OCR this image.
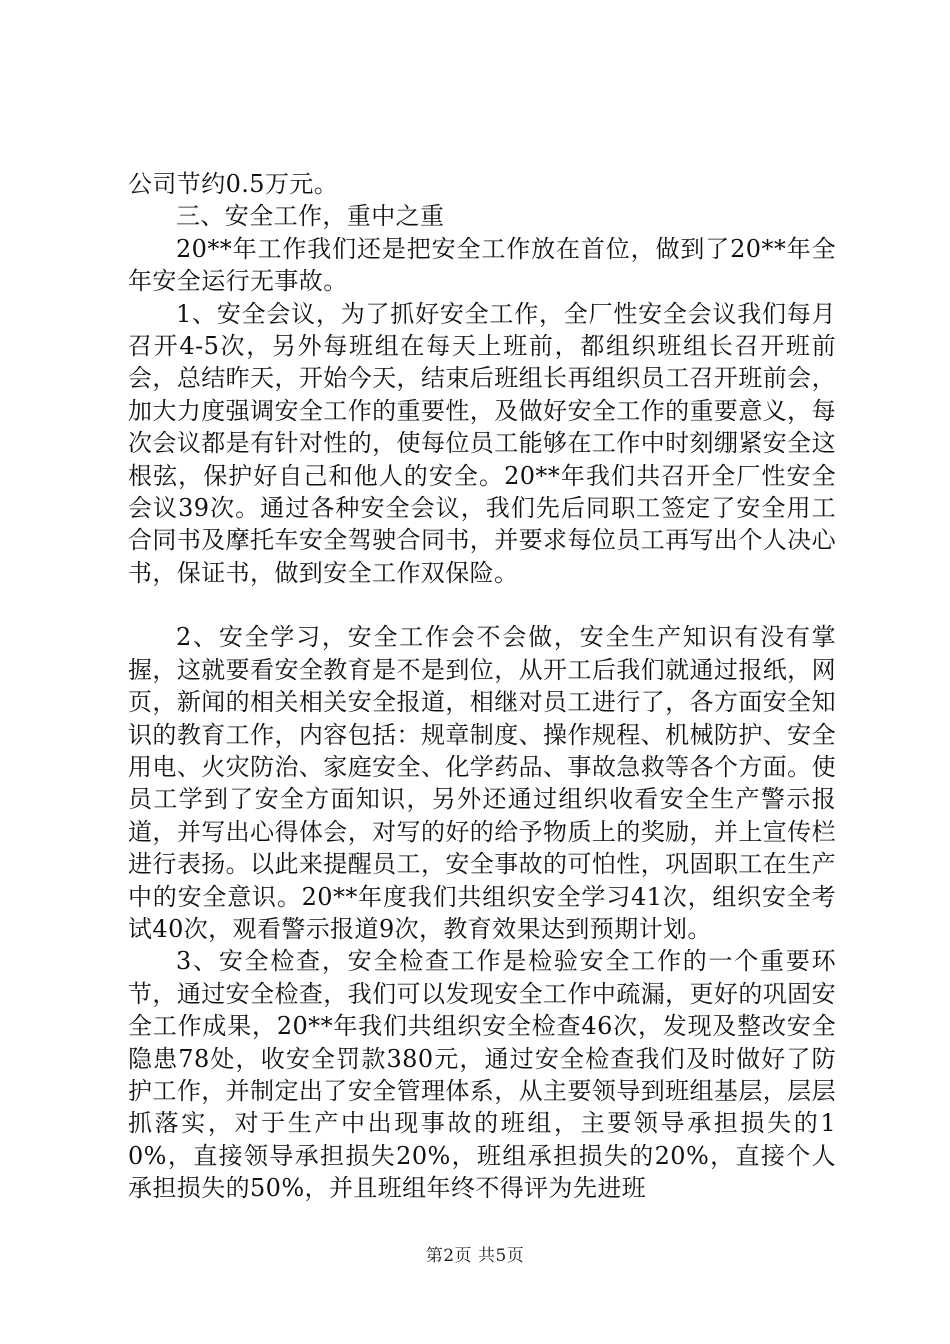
公司节约0.5万元。

三、安全工作，重中之重

20**年工作我们还是把安全工作放在首位，做到了20**年全年安全运行无事故。

1、安全会议，为了抓好安全工作，全厂性安全会议我们每月召开4-5次，另外每班组在每天上班前，都组织班组长召开班前会，总结昨天，开始今天，结束后班组长再组织员工召开班前会，加大力度强调安全工作的重要性，及做好安全工作的重要意义，每次会议都是有针对性的，使每位员工能够在工作中时刻绷紧安全这根弦，保护好自己和他人的安全。20**年我们共召开全厂性安全会议39次。通过各种安全会议，我们先后同职工签定了安全用工合同书及摩托车安全驾驶合同书，并要求每位员工再写出个人决心书，保证书，做到安全工作双保险。

2、安全学习，安全工作会不会做，安全生产知识有没有掌握，这就要看安全教育是不是到位，从开工后我们就通过报纸，网页，新闻的相关相关安全报道，相继对员工进行了，各方面安全知识的教育工作，内容包括：规章制度、操作规程、机械防护、安全用电、火灾防治、家庭安全、化学药品、事故急救等各个方面。使员工学到了安全方面知识，另外还通过组织收看安全生产警示报道，并写出心得体会，对写的好的给予物质上的奖励，并上宣传栏进行表扬。以此来提醒员工，安全事故的可怕性，巩固职工在生产中的安全意识。20**年度我们共组织安全学习41次，组织安全考试40次，观看警示报道9次，教育效果达到预期计划。

3、安全检查，安全检查工作是检验安全工作的一个重要环节，通过安全检查，我们可以发现安全工作中疏漏，更好的巩固安全工作成果，20**年我们共组织安全检查46次，发现及整改安全隐患78处，收安全罚款380元，通过安全检查我们及时做好了防护工作，并制定出了安全管理体系，从主要领导到班组基层，层层抓落实，对于生产中出现事故的班组，主要领导承担损失的10%，直接领导承担损失20%，班组承担损失的20%，直接个人承担损失的50%，并且班组年终不得评为先进班

第2页 共5页
